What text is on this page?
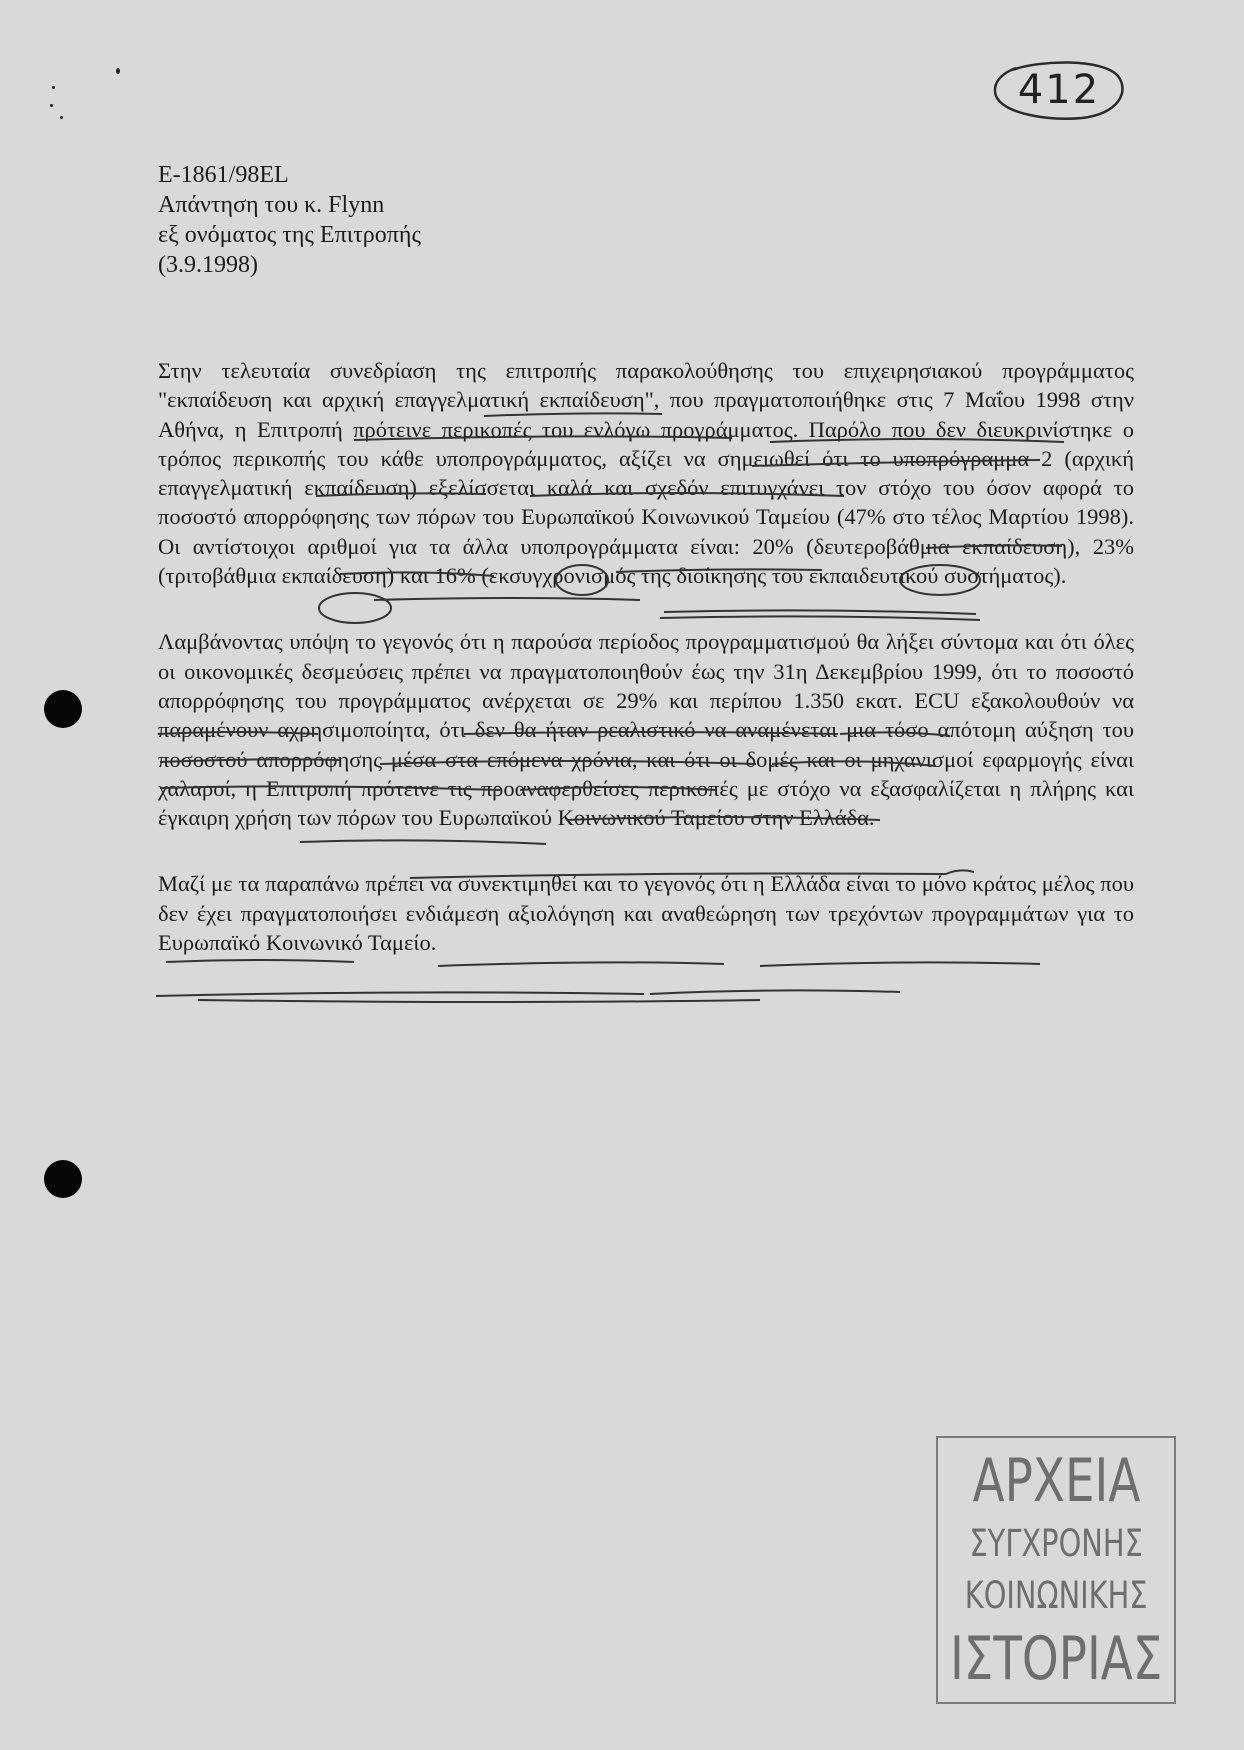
412
E-1861/98EL
Απάντηση του κ. Flynn
εξ ονόματος της Επιτροπής
(3.9.1998)

Στην τελευταία συνεδρίαση της επιτροπής παρακολούθησης του επιχειρησιακού προγράμματος "εκπαίδευση και αρχική επαγγελματική εκπαίδευση", που πραγματοποιήθηκε στις 7 Μαΐου 1998 στην Αθήνα, η Επιτροπή πρότεινε περικοπές του ενλόγω προγράμματος. Παρόλο που δεν διευκρινίστηκε ο τρόπος περικοπής του κάθε υποπρογράμματος, αξίζει να σημειωθεί ότι το υποπρόγραμμα 2 (αρχική επαγγελματική εκπαίδευση) εξελίσσεται καλά και σχεδόν επιτυγχάνει τον στόχο του όσον αφορά το ποσοστό απορρόφησης των πόρων του Ευρωπαϊκού Κοινωνικού Ταμείου (47% στο τέλος Μαρτίου 1998). Οι αντίστοιχοι αριθμοί για τα άλλα υποπρογράμματα είναι: 20% (δευτεροβάθμια εκπαίδευση), 23% (τριτοβάθμια εκπαίδευση) και 16% (εκσυγχρονισμός της διοίκησης του εκπαιδευτικού συστήματος).

Λαμβάνοντας υπόψη το γεγονός ότι η παρούσα περίοδος προγραμματισμού θα λήξει σύντομα και ότι όλες οι οικονομικές δεσμεύσεις πρέπει να πραγματοποιηθούν έως την 31η Δεκεμβρίου 1999, ότι το ποσοστό απορρόφησης του προγράμματος ανέρχεται σε 29% και περίπου 1.350 εκατ. ECU εξακολουθούν να παραμένουν αχρησιμοποίητα, ότι δεν θα ήταν ρεαλιστικό να αναμένεται μια τόσο απότομη αύξηση του ποσοστού απορρόφησης μέσα στα επόμενα χρόνια, και ότι οι δομές και οι μηχανισμοί εφαρμογής είναι χαλαροί, η Επιτροπή πρότεινε τις προαναφερθείσες περικοπές με στόχο να εξασφαλίζεται η πλήρης και έγκαιρη χρήση των πόρων του Ευρωπαϊκού Κοινωνικού Ταμείου στην Ελλάδα.

Μαζί με τα παραπάνω πρέπει να συνεκτιμηθεί και το γεγονός ότι η Ελλάδα είναι το μόνο κράτος μέλος που δεν έχει πραγματοποιήσει ενδιάμεση αξιολόγηση και αναθεώρηση των τρεχόντων προγραμμάτων για το Ευρωπαϊκό Κοινωνικό Ταμείο.

ΑΡΧΕΙΑ
ΣΥΓΧΡΟΝΗΣ
ΚΟΙΝΩΝΙΚΗΣ
ΙΣΤΟΡΙΑΣ
